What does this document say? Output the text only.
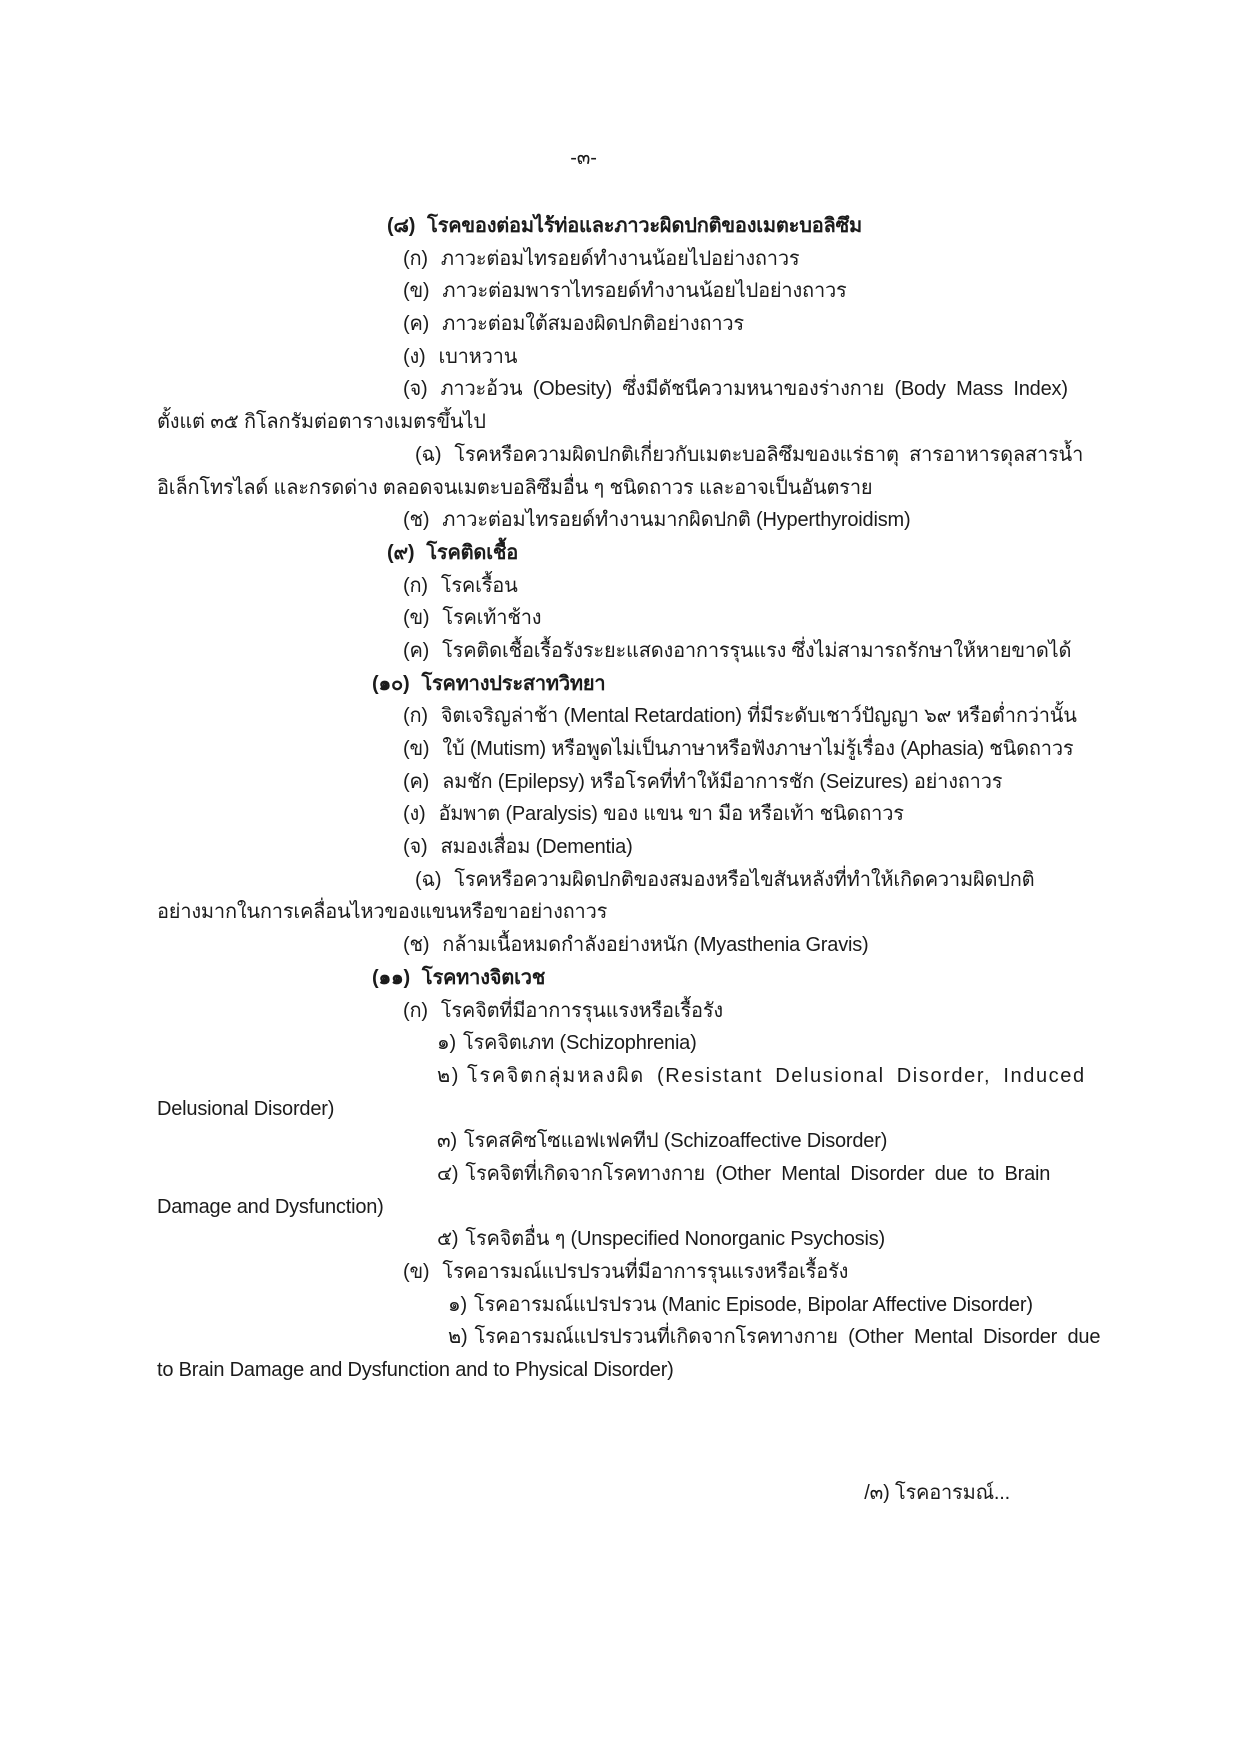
-๓-
(๘) โรคของต่อมไร้ท่อและภาวะผิดปกติของเมตะบอลิซึม
(ก) ภาวะต่อมไทรอยด์ทำงานน้อยไปอย่างถาวร
(ข) ภาวะต่อมพาราไทรอยด์ทำงานน้อยไปอย่างถาวร
(ค) ภาวะต่อมใต้สมองผิดปกติอย่างถาวร
(ง) เบาหวาน
(จ) ภาวะอ้วน (Obesity) ซึ่งมีดัชนีความหนาของร่างกาย (Body Mass Index)
ตั้งแต่ ๓๕ กิโลกรัมต่อตารางเมตรขึ้นไป
(ฉ) โรคหรือความผิดปกติเกี่ยวกับเมตะบอลิซึมของแร่ธาตุ สารอาหารดุลสารน้ำ
อิเล็กโทรไลด์ และกรดด่าง ตลอดจนเมตะบอลิซึมอื่น ๆ ชนิดถาวร และอาจเป็นอันตราย
(ช) ภาวะต่อมไทรอยด์ทำงานมากผิดปกติ (Hyperthyroidism)
(๙) โรคติดเชื้อ
(ก) โรคเรื้อน
(ข) โรคเท้าช้าง
(ค) โรคติดเชื้อเรื้อรังระยะแสดงอาการรุนแรง ซึ่งไม่สามารถรักษาให้หายขาดได้
(๑๐) โรคทางประสาทวิทยา
(ก) จิตเจริญล่าช้า (Mental Retardation) ที่มีระดับเชาว์ปัญญา ๖๙ หรือต่ำกว่านั้น
(ข) ใบ้ (Mutism) หรือพูดไม่เป็นภาษาหรือฟังภาษาไม่รู้เรื่อง (Aphasia) ชนิดถาวร
(ค) ลมชัก (Epilepsy) หรือโรคที่ทำให้มีอาการชัก (Seizures) อย่างถาวร
(ง) อัมพาต (Paralysis) ของ แขน ขา มือ หรือเท้า ชนิดถาวร
(จ) สมองเสื่อม (Dementia)
(ฉ) โรคหรือความผิดปกติของสมองหรือไขสันหลังที่ทำให้เกิดความผิดปกติ
อย่างมากในการเคลื่อนไหวของแขนหรือขาอย่างถาวร
(ช) กล้ามเนื้อหมดกำลังอย่างหนัก (Myasthenia Gravis)
(๑๑) โรคทางจิตเวช
(ก) โรคจิตที่มีอาการรุนแรงหรือเรื้อรัง
๑) โรคจิตเภท (Schizophrenia)
๒) โรคจิตกลุ่มหลงผิด (Resistant Delusional Disorder, Induced
Delusional Disorder)
๓) โรคสคิซโซแอฟเฟคทีป (Schizoaffective Disorder)
๔) โรคจิตที่เกิดจากโรคทางกาย (Other Mental Disorder due to Brain
Damage and Dysfunction)
๕) โรคจิตอื่น ๆ (Unspecified Nonorganic Psychosis)
(ข) โรคอารมณ์แปรปรวนที่มีอาการรุนแรงหรือเรื้อรัง
๑) โรคอารมณ์แปรปรวน (Manic Episode, Bipolar Affective Disorder)
๒) โรคอารมณ์แปรปรวนที่เกิดจากโรคทางกาย (Other Mental Disorder due
to Brain Damage and Dysfunction and to Physical Disorder)
/๓) โรคอารมณ์...
